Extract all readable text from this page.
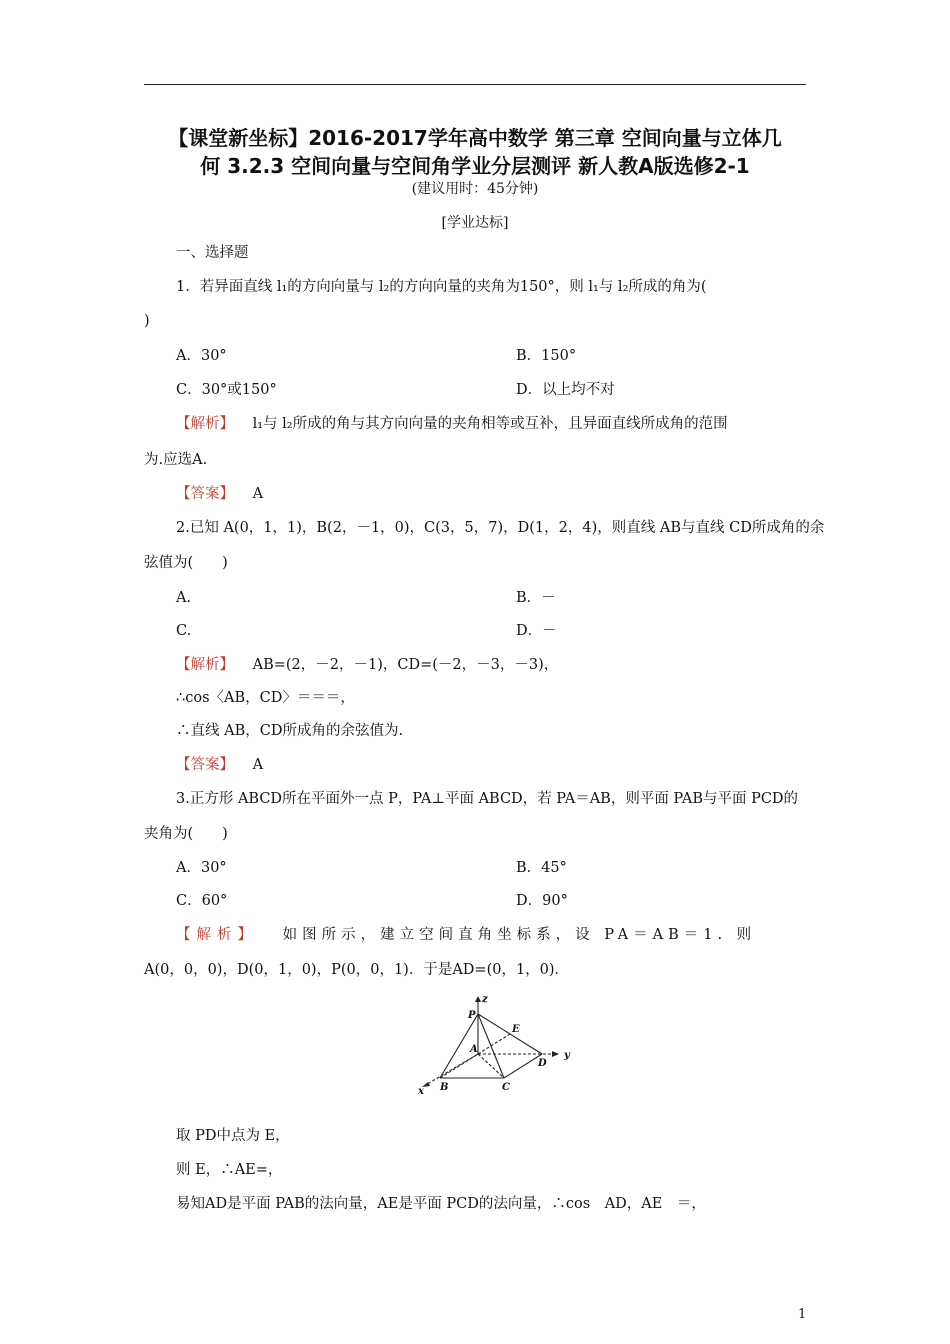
【课堂新坐标】2016-2017学年高中数学 第三章 空间向量与立体几
何 3.2.3 空间向量与空间角学业分层测评 新人教A版选修2-1
(建议用时：45分钟)
[学业达标]
一、选择题
1．若异面直线 l₁的方向向量与 l₂的方向向量的夹角为150°，则 l₁与 l₂所成的角为(
)
A．30°	B．150°
C．30°或150°	D．以上均不对
【解析】 l₁与 l₂所成的角与其方向向量的夹角相等或互补，且异面直线所成角的范围
为.应选A.
【答案】 A
2.已知 A(0，1，1)，B(2，－1，0)，C(3，5，7)，D(1，2，4)，则直线 AB与直线 CD所成角的余
弦值为(　　)
A.	B．－
C.	D．－
【解析】 AB=(2，－2，－1)，CD=(－2，－3，－3)，
∴cos〈AB，CD〉＝＝＝，
∴直线 AB，CD所成角的余弦值为.
【答案】 A
3.正方形 ABCD所在平面外一点 P，PA⊥平面 ABCD，若 PA＝AB，则平面 PAB与平面 PCD的
夹角为(　　)
A．30°	B．45°
C．60°	D．90°
【解析】 如图所示，建立空间直角坐标系，设 PA＝AB＝1. 则
A(0，0，0)，D(0，1，0)，P(0，0，1)．于是AD=(0，1，0)．
z
y
x
P
E
A
D
B	C
取 PD中点为 E，
则 E，∴AE=，
易知AD是平面 PAB的法向量，AE是平面 PCD的法向量，∴cos　AD，AE　＝，
1
